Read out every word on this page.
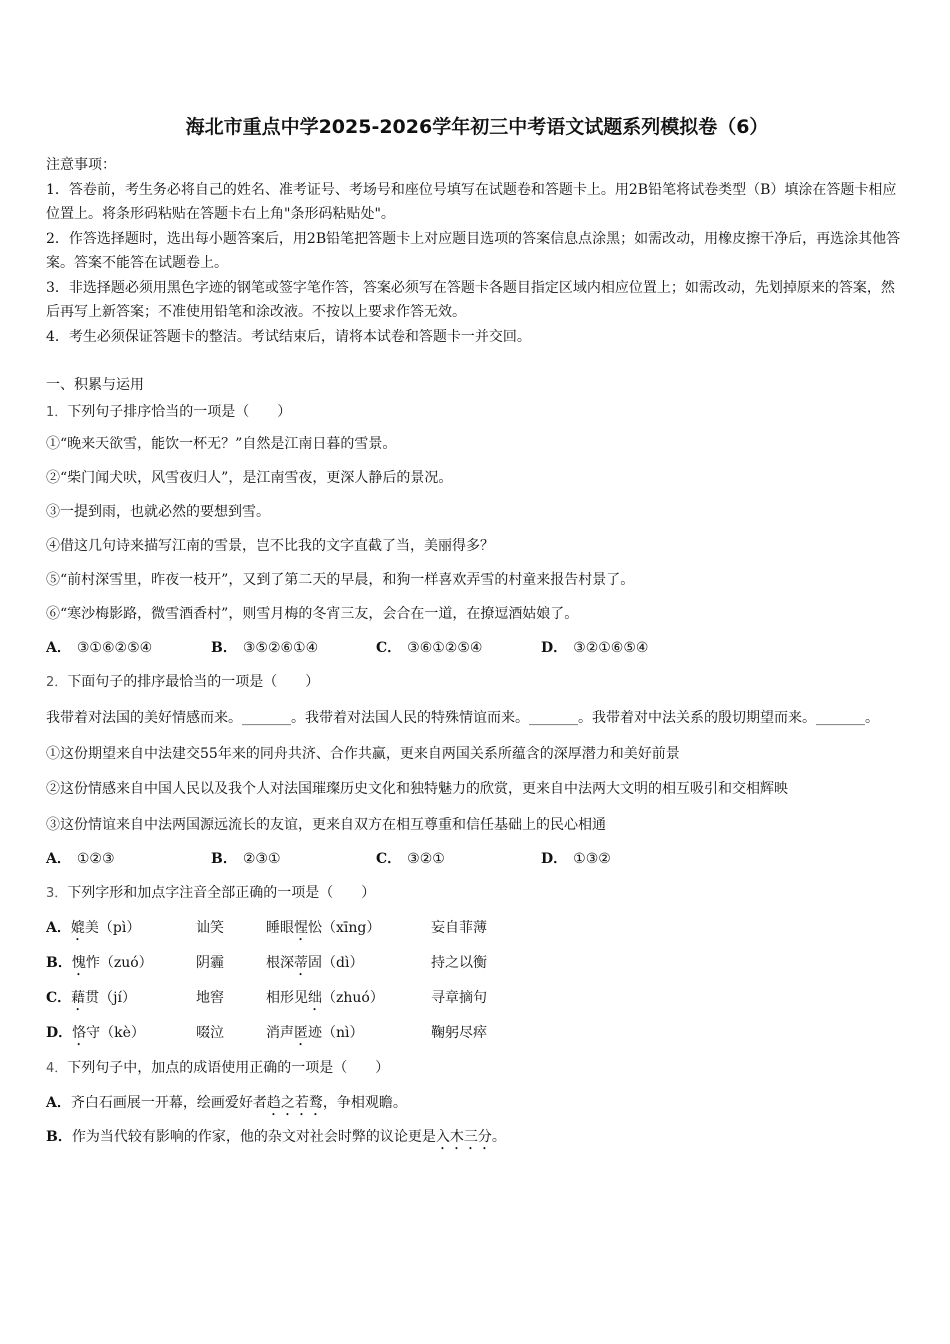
海北市重点中学2025-2026学年初三中考语文试题系列模拟卷（6）

注意事项：

1．答卷前，考生务必将自己的姓名、准考证号、考场号和座位号填写在试题卷和答题卡上。用2B铅笔将试卷类型（B）填涂在答题卡相应位置上。将条形码粘贴在答题卡右上角"条形码粘贴处"。

2．作答选择题时，选出每小题答案后，用2B铅笔把答题卡上对应题目选项的答案信息点涂黑；如需改动，用橡皮擦干净后，再选涂其他答案。答案不能答在试题卷上。

3．非选择题必须用黑色字迹的钢笔或签字笔作答，答案必须写在答题卡各题目指定区域内相应位置上；如需改动，先划掉原来的答案，然后再写上新答案；不准使用铅笔和涂改液。不按以上要求作答无效。

4．考生必须保证答题卡的整洁。考试结束后，请将本试卷和答题卡一并交回。

一、积累与运用

1．下列句子排序恰当的一项是（　　）

①“晚来天欲雪，能饮一杯无？”自然是江南日暮的雪景。

②“柴门闻犬吠，风雪夜归人”，是江南雪夜，更深人静后的景况。

③一提到雨，也就必然的要想到雪。

④借这几句诗来描写江南的雪景，岂不比我的文字直截了当，美丽得多？

⑤“前村深雪里，昨夜一枝开”，又到了第二天的早晨，和狗一样喜欢弄雪的村童来报告村景了。

⑥“寒沙梅影路，微雪酒香村”，则雪月梅的冬宵三友，会合在一道，在撩逗酒姑娘了。

A． ③①⑥②⑤④	B． ③⑤②⑥①④	C． ③⑥①②⑤④	D． ③②①⑥⑤④

2．下面句子的排序最恰当的一项是（　　）

我带着对法国的美好情感而来。_______。我带着对法国人民的特殊情谊而来。_______。我带着对中法关系的殷切期望而来。_______。

①这份期望来自中法建交55年来的同舟共济、合作共赢，更来自两国关系所蕴含的深厚潜力和美好前景

②这份情感来自中国人民以及我个人对法国璀璨历史文化和独特魅力的欣赏，更来自中法两大文明的相互吸引和交相辉映

③这份情谊来自中法两国源远流长的友谊，更来自双方在相互尊重和信任基础上的民心相通

A． ①②③	B． ②③①	C． ③②①	D． ①③②

3．下列字形和加点字注音全部正确的一项是（　　）

A．媲美（pì）	讪笑	睡眼惺忪（xīng）	妄自菲薄
B．愧怍（zuó）	阴霾	根深蒂固（dì）	持之以衡
C．藉贯（jí）	地窖	相形见绌（zhuó）	寻章摘句
D．恪守（kè）	啜泣	消声匿迹（nì）	鞠躬尽瘁

4．下列句子中，加点的成语使用正确的一项是（　　）

A．齐白石画展一开幕，绘画爱好者趋之若鹜，争相观瞻。

B．作为当代较有影响的作家，他的杂文对社会时弊的议论更是入木三分。
